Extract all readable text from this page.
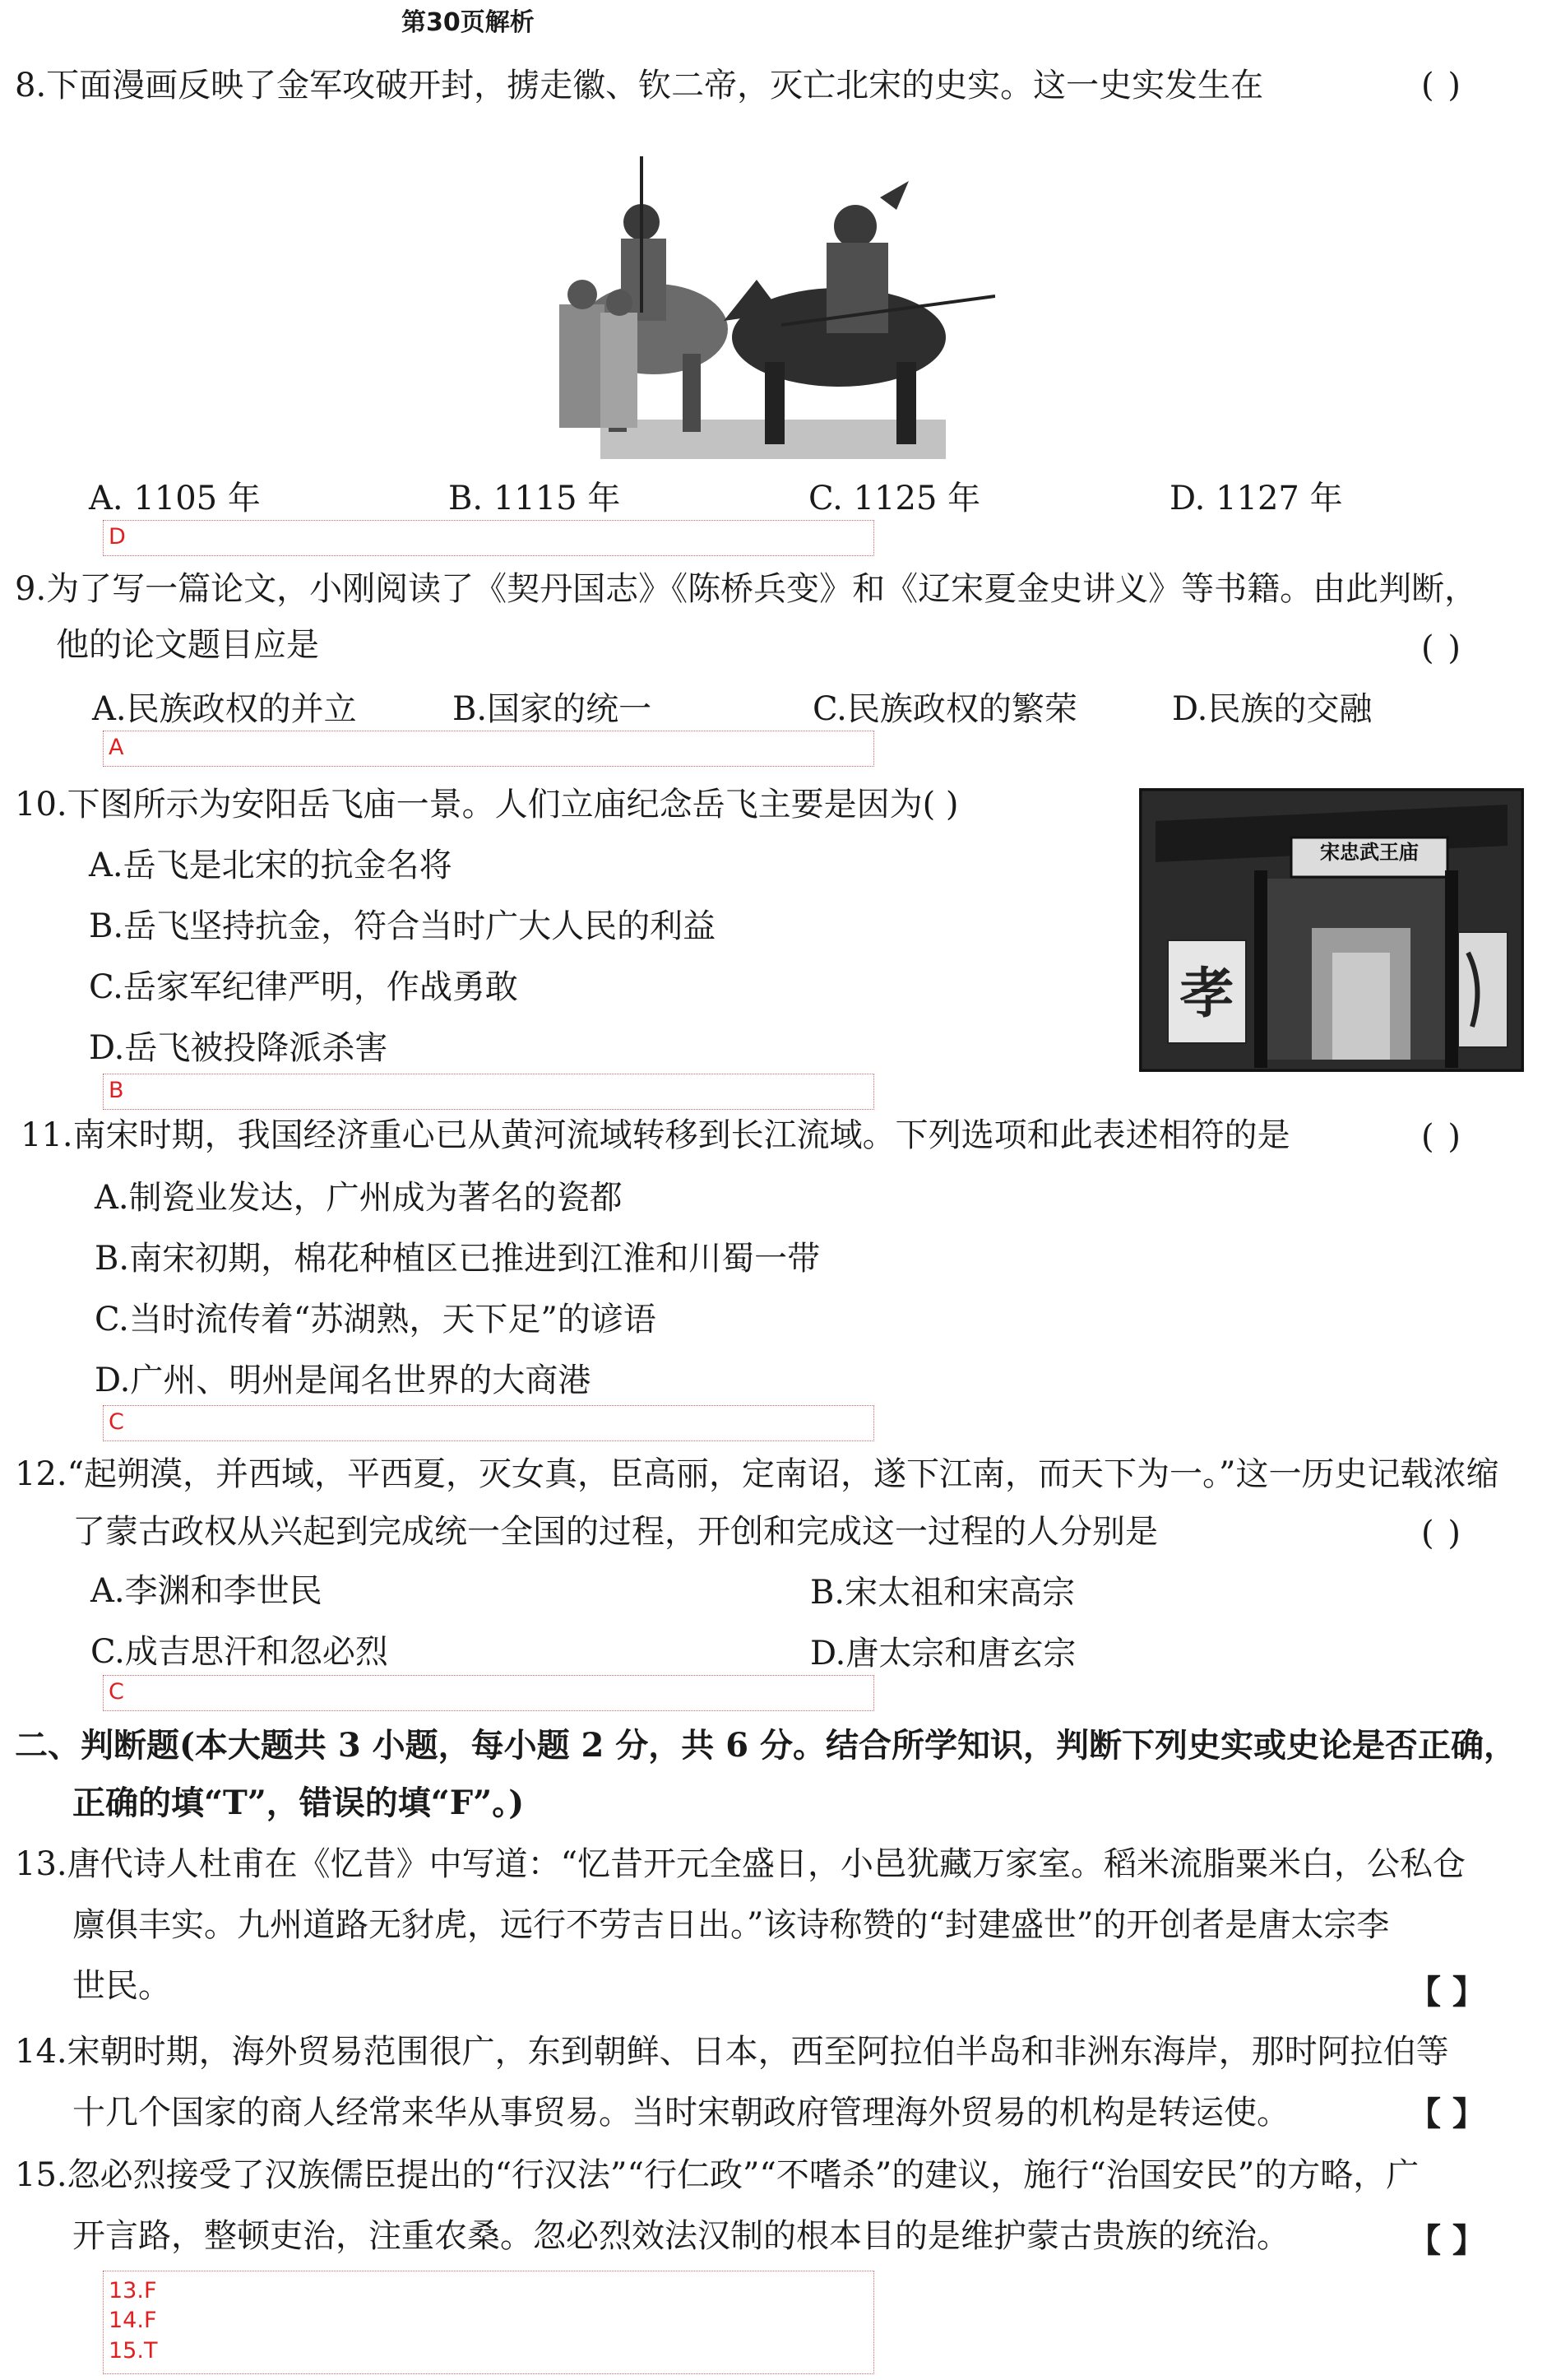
第30页解析
8.下面漫画反映了金军攻破开封，掳走徽、钦二帝，灭亡北宋的史实。这一史实发生在	( )
A. 1105 年	B. 1115 年	C. 1125 年	D. 1127 年
D
9.为了写一篇论文，小刚阅读了《契丹国志》《陈桥兵变》和《辽宋夏金史讲义》等书籍。由此判断，
他的论文题目应是	( )
A.民族政权的并立	B.国家的统一	C.民族政权的繁荣	D.民族的交融
A
10.下图所示为安阳岳飞庙一景。人们立庙纪念岳飞主要是因为( )
A.岳飞是北宋的抗金名将
B.岳飞坚持抗金，符合当时广大人民的利益
C.岳家军纪律严明，作战勇敢
D.岳飞被投降派杀害
B
宋忠武王庙
孝
11.南宋时期，我国经济重心已从黄河流域转移到长江流域。下列选项和此表述相符的是	( )
A.制瓷业发达，广州成为著名的瓷都
B.南宋初期，棉花种植区已推进到江淮和川蜀一带
C.当时流传着“苏湖熟，天下足”的谚语
D.广州、明州是闻名世界的大商港
C
12.“起朔漠，并西域，平西夏，灭女真，臣高丽，定南诏，遂下江南，而天下为一。”这一历史记载浓缩
了蒙古政权从兴起到完成统一全国的过程，开创和完成这一过程的人分别是	( )
A.李渊和李世民	B.宋太祖和宋高宗
C.成吉思汗和忽必烈	D.唐太宗和唐玄宗
C
二、判断题(本大题共 3 小题，每小题 2 分，共 6 分。结合所学知识，判断下列史实或史论是否正确，
正确的填“T”，错误的填“F”。)
13.唐代诗人杜甫在《忆昔》中写道：“忆昔开元全盛日，小邑犹藏万家室。稻米流脂粟米白，公私仓
廪俱丰实。九州道路无豺虎，远行不劳吉日出。”该诗称赞的“封建盛世”的开创者是唐太宗李
世民。	【 】
14.宋朝时期，海外贸易范围很广，东到朝鲜、日本，西至阿拉伯半岛和非洲东海岸，那时阿拉伯等
十几个国家的商人经常来华从事贸易。当时宋朝政府管理海外贸易的机构是转运使。	【 】
15.忽必烈接受了汉族儒臣提出的“行汉法”“行仁政”“不嗜杀”的建议，施行“治国安民”的方略，广
开言路，整顿吏治，注重农桑。忽必烈效法汉制的根本目的是维护蒙古贵族的统治。	【 】
13.F
14.F
15.T
